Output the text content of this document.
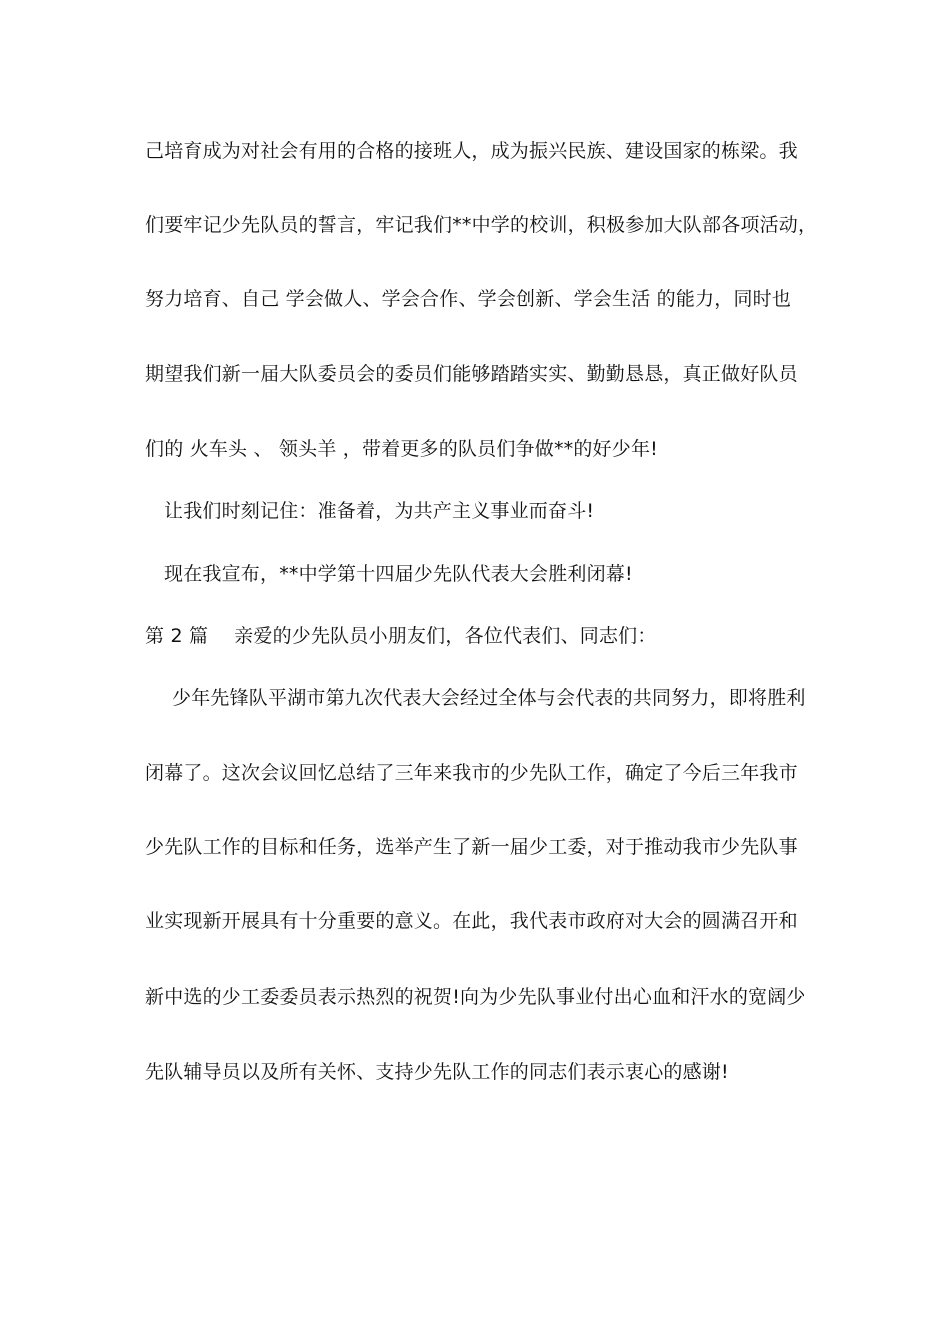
己培育成为对社会有用的合格的接班人，成为振兴民族、建设国家的栋梁。我
们要牢记少先队员的誓言，牢记我们**中学的校训，积极参加大队部各项活动，
努力培育、自己 学会做人、学会合作、学会创新、学会生活 的能力，同时也
期望我们新一届大队委员会的委员们能够踏踏实实、勤勤恳恳，真正做好队员
们的 火车头 、 领头羊 ，带着更多的队员们争做**的好少年!
让我们时刻记住：准备着，为共产主义事业而奋斗!
现在我宣布，**中学第十四届少先队代表大会胜利闭幕!
第 2 篇 亲爱的少先队员小朋友们，各位代表们、同志们：
少年先锋队平湖市第九次代表大会经过全体与会代表的共同努力，即将胜利
闭幕了。这次会议回忆总结了三年来我市的少先队工作，确定了今后三年我市
少先队工作的目标和任务，选举产生了新一届少工委，对于推动我市少先队事
业实现新开展具有十分重要的意义。在此，我代表市政府对大会的圆满召开和
新中选的少工委委员表示热烈的祝贺!向为少先队事业付出心血和汗水的宽阔少
先队辅导员以及所有关怀、支持少先队工作的同志们表示衷心的感谢!
